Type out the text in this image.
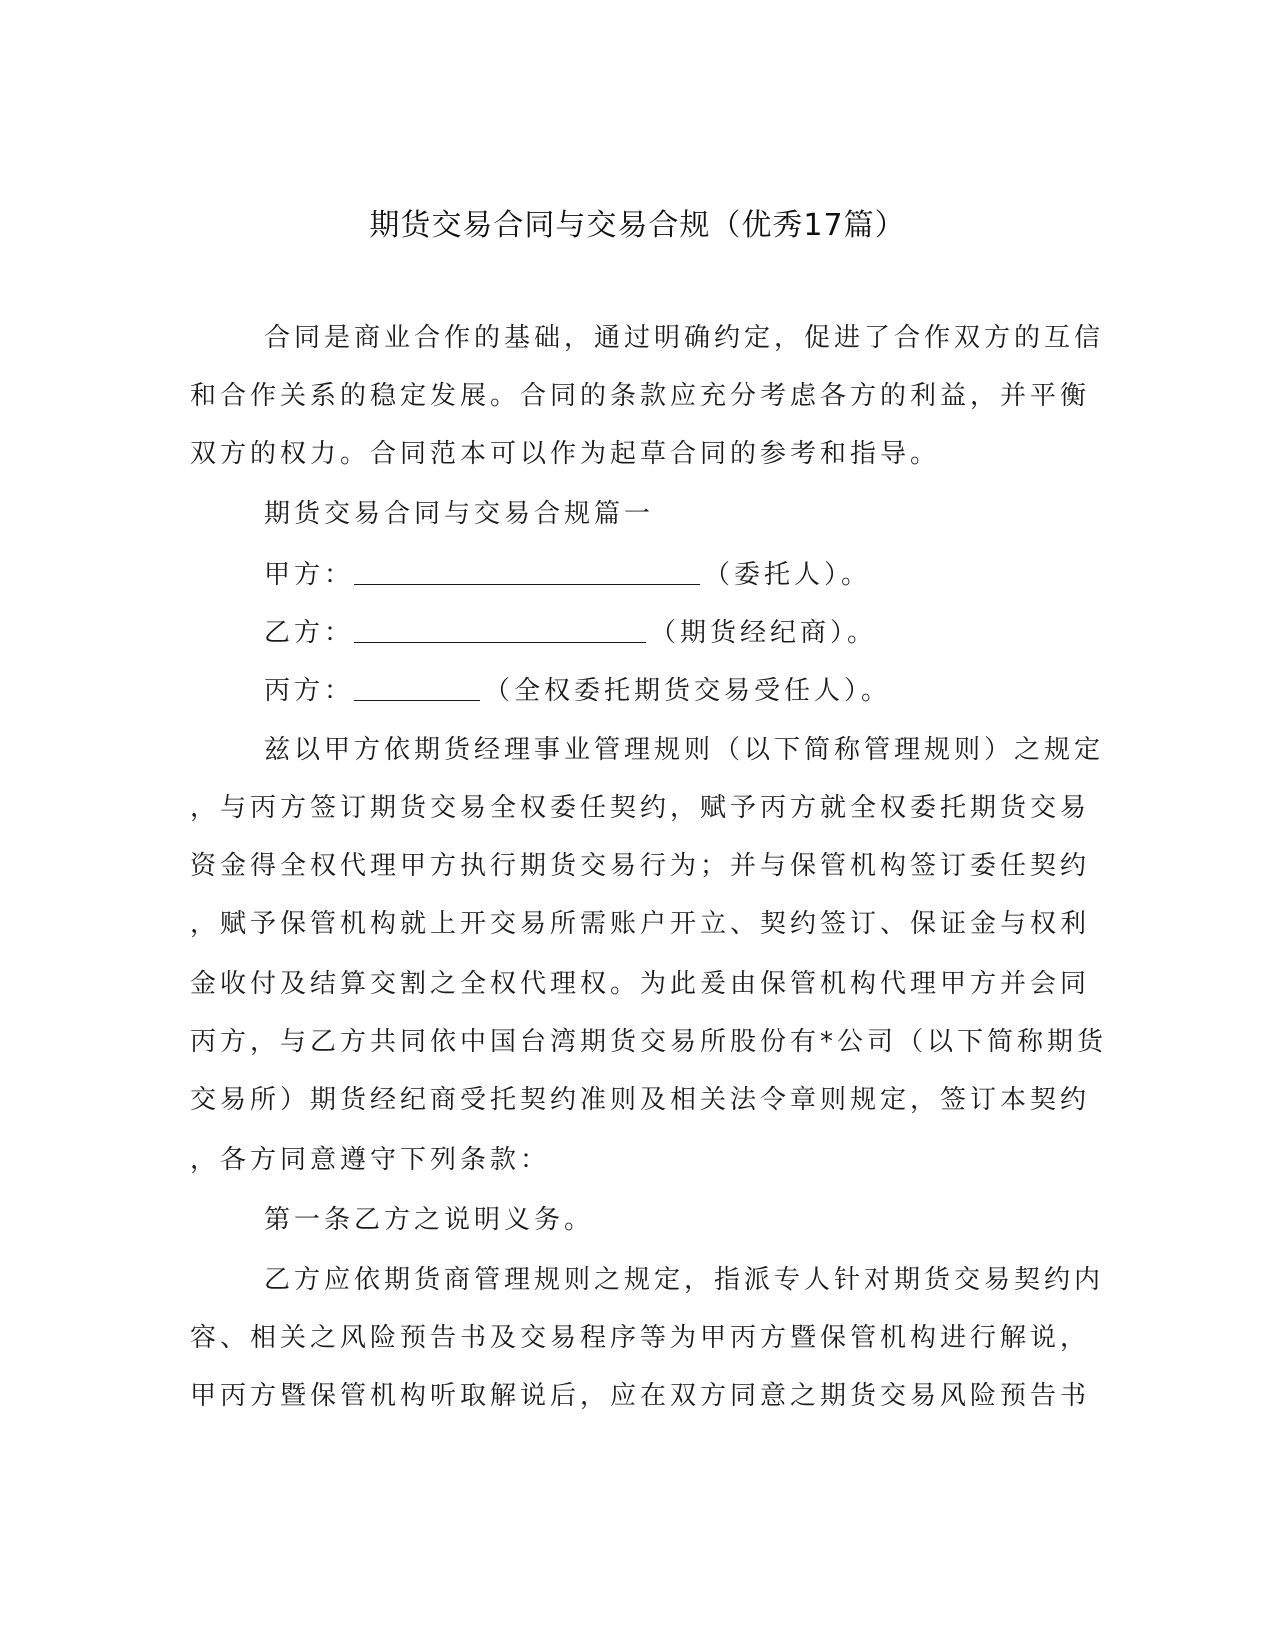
期货交易合同与交易合规（优秀17篇）
合同是商业合作的基础，通过明确约定，促进了合作双方的互信
和合作关系的稳定发展。合同的条款应充分考虑各方的利益，并平衡
双方的权力。合同范本可以作为起草合同的参考和指导。
期货交易合同与交易合规篇一
甲方：	（委托人）。
乙方：	（期货经纪商）。
丙方：	（全权委托期货交易受任人）。
兹以甲方依期货经理事业管理规则（以下简称管理规则）之规定
，与丙方签订期货交易全权委任契约，赋予丙方就全权委托期货交易
资金得全权代理甲方执行期货交易行为；并与保管机构签订委任契约
，赋予保管机构就上开交易所需账户开立、契约签订、保证金与权利
金收付及结算交割之全权代理权。为此爰由保管机构代理甲方并会同
丙方，与乙方共同依中国台湾期货交易所股份有*公司（以下简称期货
交易所）期货经纪商受托契约准则及相关法令章则规定，签订本契约
，各方同意遵守下列条款：
第一条乙方之说明义务。
乙方应依期货商管理规则之规定，指派专人针对期货交易契约内
容、相关之风险预告书及交易程序等为甲丙方暨保管机构进行解说，
甲丙方暨保管机构听取解说后，应在双方同意之期货交易风险预告书
